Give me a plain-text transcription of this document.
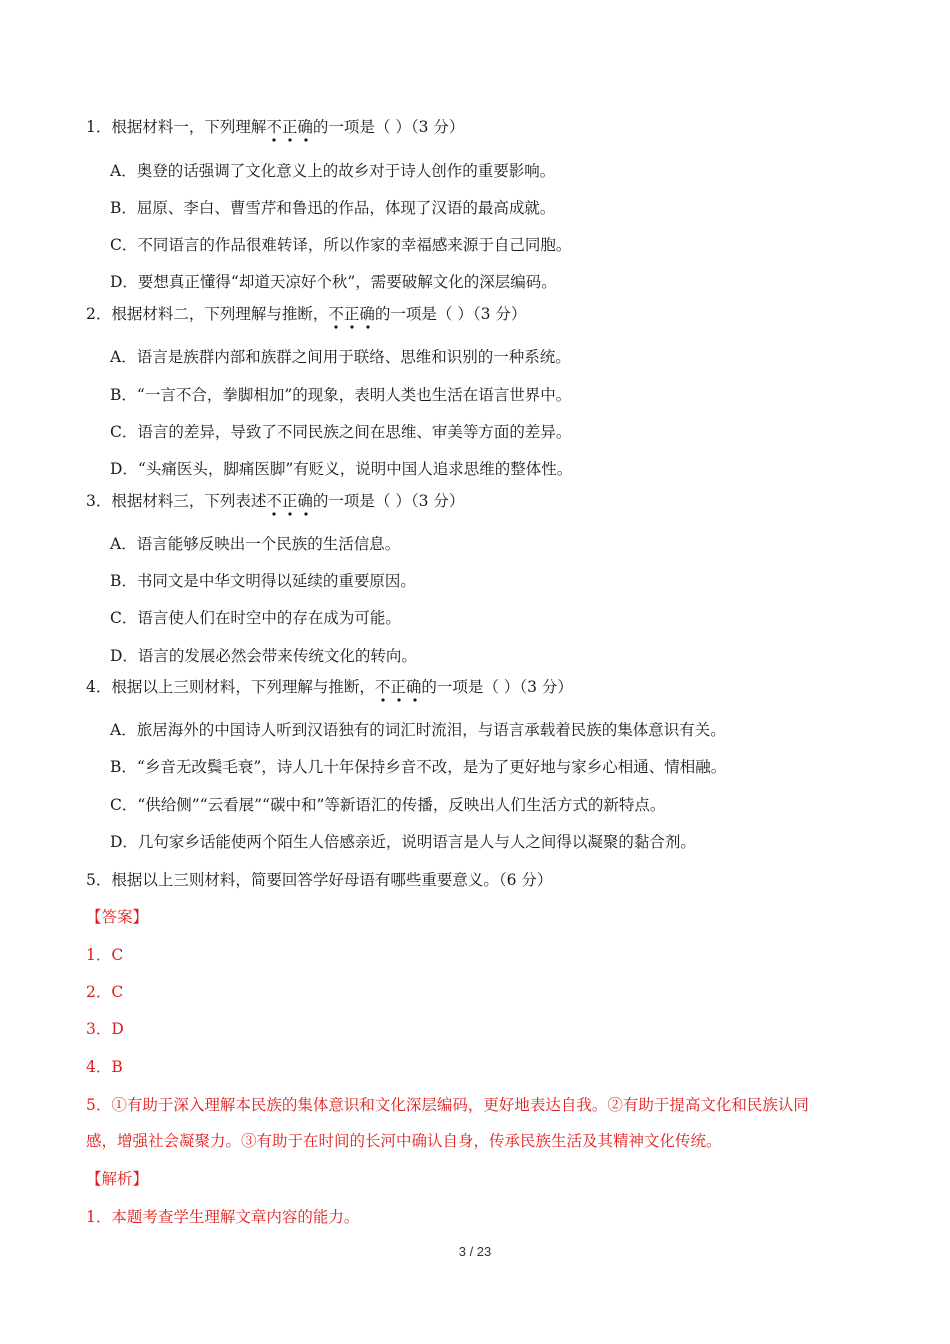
1．根据材料一，下列理解不正确的一项是（ ）（3 分）
A．奥登的话强调了文化意义上的故乡对于诗人创作的重要影响。
B．屈原、李白、曹雪芹和鲁迅的作品，体现了汉语的最高成就。
C．不同语言的作品很难转译，所以作家的幸福感来源于自己同胞。
D．要想真正懂得“却道天凉好个秋”，需要破解文化的深层编码。
2．根据材料二，下列理解与推断，不正确的一项是（ ）（3 分）
A．语言是族群内部和族群之间用于联络、思维和识别的一种系统。
B．“一言不合，拳脚相加”的现象，表明人类也生活在语言世界中。
C．语言的差异，导致了不同民族之间在思维、审美等方面的差异。
D．“头痛医头，脚痛医脚”有贬义，说明中国人追求思维的整体性。
3．根据材料三，下列表述不正确的一项是（ ）（3 分）
A．语言能够反映出一个民族的生活信息。
B．书同文是中华文明得以延续的重要原因。
C．语言使人们在时空中的存在成为可能。
D．语言的发展必然会带来传统文化的转向。
4．根据以上三则材料，下列理解与推断，不正确的一项是（ ）（3 分）
A．旅居海外的中国诗人听到汉语独有的词汇时流泪，与语言承载着民族的集体意识有关。
B．“乡音无改鬓毛衰”，诗人几十年保持乡音不改，是为了更好地与家乡心相通、情相融。
C．“供给侧”“云看展”“碳中和”等新语汇的传播，反映出人们生活方式的新特点。
D．几句家乡话能使两个陌生人倍感亲近，说明语言是人与人之间得以凝聚的黏合剂。
5．根据以上三则材料，简要回答学好母语有哪些重要意义。（6 分）
【答案】
1．C
2．C
3．D
4．B
5．①有助于深入理解本民族的集体意识和文化深层编码，更好地表达自我。②有助于提高文化和民族认同
感，增强社会凝聚力。③有助于在时间的长河中确认自身，传承民族生活及其精神文化传统。
【解析】
1．本题考查学生理解文章内容的能力。
3 / 23
